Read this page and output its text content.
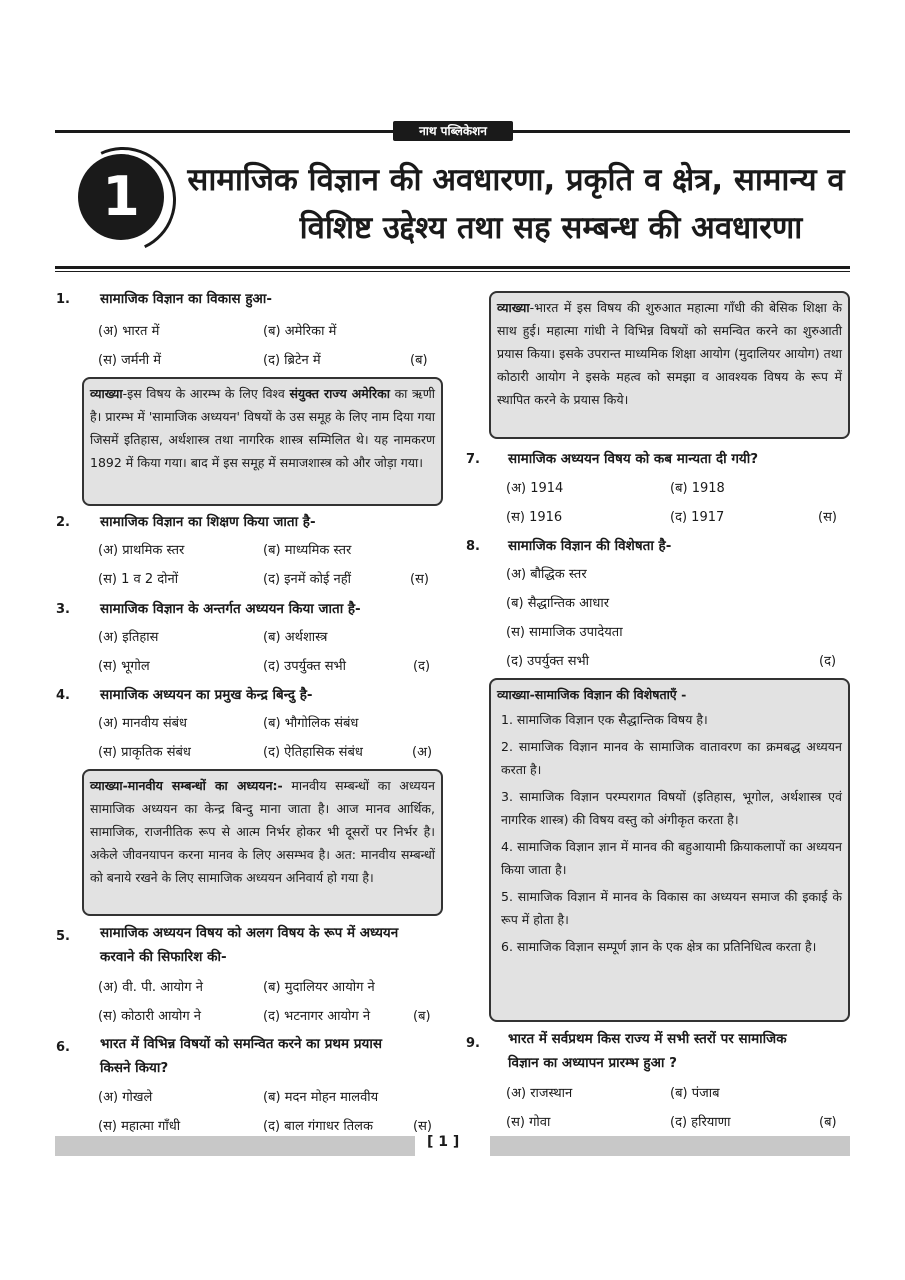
नाथ पब्लिकेशन
1	सामाजिक विज्ञान की अवधारणा, प्रकृति व क्षेत्र, सामान्य व
विशिष्ट उद्देश्य तथा सह सम्बन्ध की अवधारणा
1. सामाजिक विज्ञान का विकास हुआ-
(अ) भारत में	(ब) अमेरिका में
(स) जर्मनी में	(द) ब्रिटेन में	(ब)
व्याख्या-इस विषय के आरम्भ के लिए विश्व संयुक्त राज्य अमेरिका का ऋणी है। प्रारम्भ में 'सामाजिक अध्ययन' विषयों के उस समूह के लिए नाम दिया गया जिसमें इतिहास, अर्थशास्त्र तथा नागरिक शास्त्र सम्मिलित थे। यह नामकरण 1892 में किया गया। बाद में इस समूह में समाजशास्त्र को और जोड़ा गया।
2. सामाजिक विज्ञान का शिक्षण किया जाता है-
(अ) प्राथमिक स्तर	(ब) माध्यमिक स्तर
(स) 1 व 2 दोनों	(द) इनमें कोई नहीं	(स)
3. सामाजिक विज्ञान के अन्तर्गत अध्ययन किया जाता है-
(अ) इतिहास	(ब) अर्थशास्त्र
(स) भूगोल	(द) उपर्युक्त सभी	(द)
4. सामाजिक अध्ययन का प्रमुख केन्द्र बिन्दु है-
(अ) मानवीय संबंध	(ब) भौगोलिक संबंध
(स) प्राकृतिक संबंध	(द) ऐतिहासिक संबंध	(अ)
व्याख्या-मानवीय सम्बन्धों का अध्ययन:- मानवीय सम्बन्धों का अध्ययन सामाजिक अध्ययन का केन्द्र बिन्दु माना जाता है। आज मानव आर्थिक, सामाजिक, राजनीतिक रूप से आत्म निर्भर होकर भी दूसरों पर निर्भर है। अकेले जीवनयापन करना मानव के लिए असम्भव है। अत: मानवीय सम्बन्धों को बनाये रखने के लिए सामाजिक अध्ययन अनिवार्य हो गया है।
5. सामाजिक अध्ययन विषय को अलग विषय के रूप में अध्ययन
करवाने की सिफारिश की-
(अ) वी. पी. आयोग ने	(ब) मुदालियर आयोग ने
(स) कोठारी आयोग ने	(द) भटनागर आयोग ने	(ब)
6. भारत में विभिन्न विषयों को समन्वित करने का प्रथम प्रयास
किसने किया?
(अ) गोखले	(ब) मदन मोहन मालवीय
(स) महात्मा गाँधी	(द) बाल गंगाधर तिलक	(स)
व्याख्या-भारत में इस विषय की शुरुआत महात्मा गाँधी की बेसिक शिक्षा के साथ हुई। महात्मा गांधी ने विभिन्न विषयों को समन्वित करने का शुरुआती प्रयास किया। इसके उपरान्त माध्यमिक शिक्षा आयोग (मुदालियर आयोग) तथा कोठारी आयोग ने इसके महत्व को समझा व आवश्यक विषय के रूप में स्थापित करने के प्रयास किये।
7. सामाजिक अध्ययन विषय को कब मान्यता दी गयी?
(अ) 1914	(ब) 1918
(स) 1916	(द) 1917	(स)
8. सामाजिक विज्ञान की विशेषता है-
(अ) बौद्धिक स्तर
(ब) सैद्धान्तिक आधार
(स) सामाजिक उपादेयता
(द) उपर्युक्त सभी	(द)
व्याख्या-सामाजिक विज्ञान की विशेषताएँ -
1. सामाजिक विज्ञान एक सैद्धान्तिक विषय है।
2. सामाजिक विज्ञान मानव के सामाजिक वातावरण का क्रमबद्ध अध्ययन करता है।
3. सामाजिक विज्ञान परम्परागत विषयों (इतिहास, भूगोल, अर्थशास्त्र एवं नागरिक शास्त्र) की विषय वस्तु को अंगीकृत करता है।
4. सामाजिक विज्ञान ज्ञान में मानव की बहुआयामी क्रियाकलापों का अध्ययन किया जाता है।
5. सामाजिक विज्ञान में मानव के विकास का अध्ययन समाज की इकाई के रूप में होता है।
6. सामाजिक विज्ञान सम्पूर्ण ज्ञान के एक क्षेत्र का प्रतिनिधित्व करता है।
9. भारत में सर्वप्रथम किस राज्य में सभी स्तरों पर सामाजिक
विज्ञान का अध्यापन प्रारम्भ हुआ ?
(अ) राजस्थान	(ब) पंजाब
(स) गोवा	(द) हरियाणा	(ब)
[ 1 ]
